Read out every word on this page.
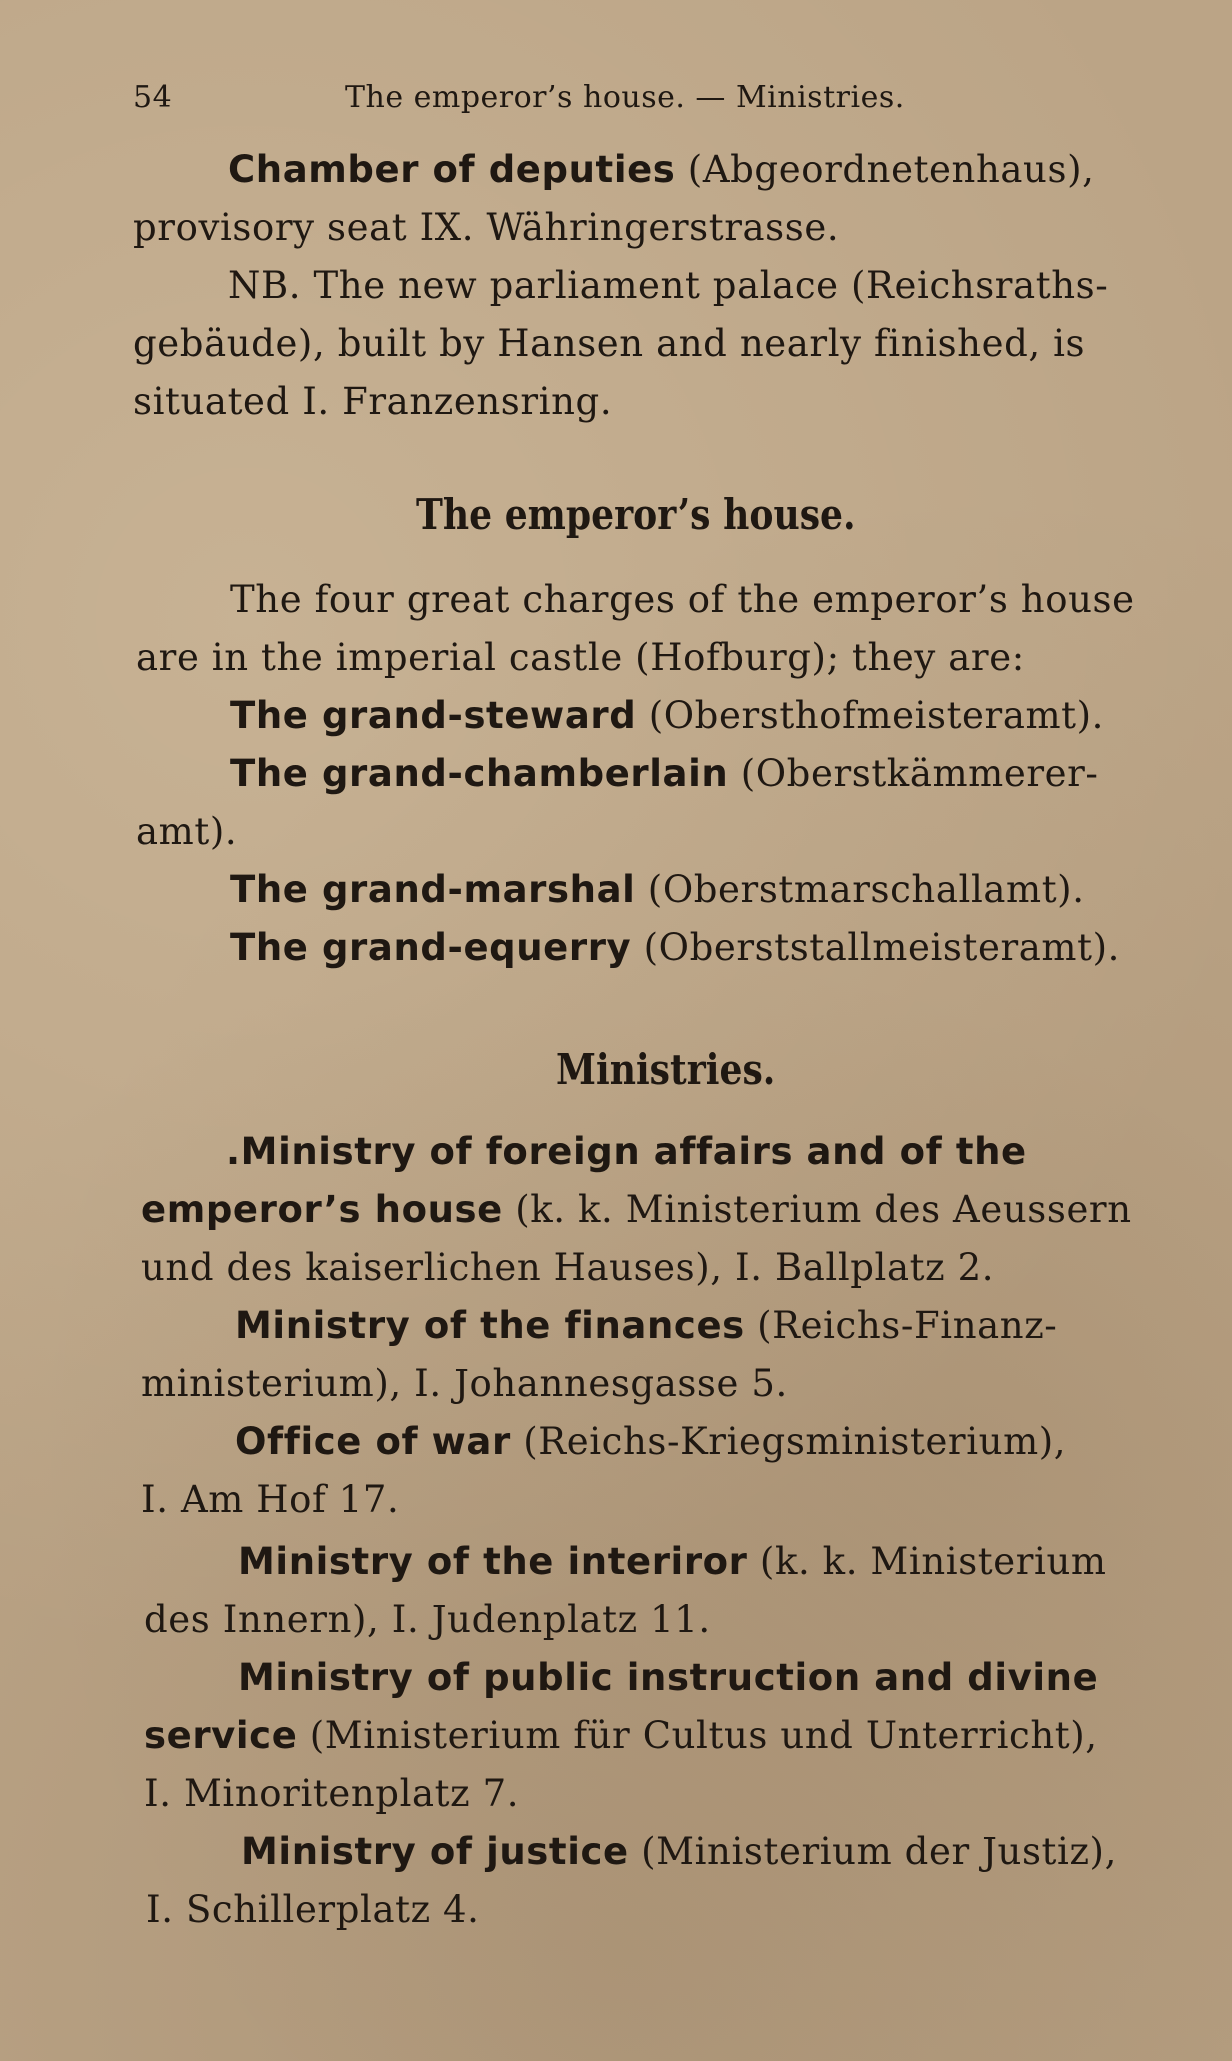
54	The emperor’s house. — Ministries.
Chamber of deputies (Abgeordnetenhaus),
provisory seat IX. Währingerstrasse.
NB. The new parliament palace (Reichsraths-
gebäude), built by Hansen and nearly finished, is
situated I. Franzensring.
The emperor’s house.
The four great charges of the emperor’s house
are in the imperial castle (Hofburg); they are:
The grand-steward (Obersthofmeisteramt).
The grand-chamberlain (Oberstkämmerer-
amt).
The grand-marshal (Oberstmarschallamt).
The grand-equerry (Oberststallmeisteramt).
Ministries.
.Ministry of foreign affairs and of the
emperor’s house (k. k. Ministerium des Aeussern
und des kaiserlichen Hauses), I. Ballplatz 2.
Ministry of the finances (Reichs-Finanz-
ministerium), I. Johannesgasse 5.
Office of war (Reichs-Kriegsministerium),
I. Am Hof 17.
Ministry of the interiror (k. k. Ministerium
des Innern), I. Judenplatz 11.
Ministry of public instruction and divine
service (Ministerium für Cultus und Unterricht),
I. Minoritenplatz 7.
Ministry of justice (Ministerium der Justiz),
I. Schillerplatz 4.
